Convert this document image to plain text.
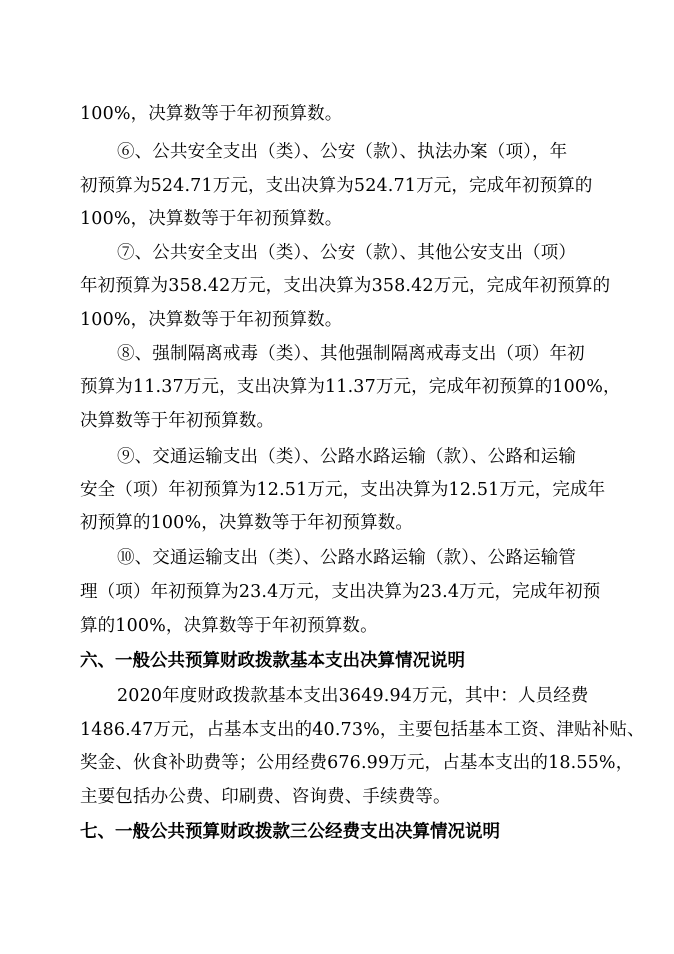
100%，决算数等于年初预算数。
⑥、公共安全支出（类）、公安（款）、执法办案（项），年
初预算为524.71万元，支出决算为524.71万元，完成年初预算的
100%，决算数等于年初预算数。
⑦、公共安全支出（类）、公安（款）、其他公安支出（项）
年初预算为358.42万元，支出决算为358.42万元，完成年初预算的
100%，决算数等于年初预算数。
⑧、强制隔离戒毒（类）、其他强制隔离戒毒支出（项）年初
预算为11.37万元，支出决算为11.37万元，完成年初预算的100%，
决算数等于年初预算数。
⑨、交通运输支出（类）、公路水路运输（款）、公路和运输
安全（项）年初预算为12.51万元，支出决算为12.51万元，完成年
初预算的100%，决算数等于年初预算数。
⑩、交通运输支出（类）、公路水路运输（款）、公路运输管
理（项）年初预算为23.4万元，支出决算为23.4万元，完成年初预
算的100%，决算数等于年初预算数。
六、一般公共预算财政拨款基本支出决算情况说明
2020年度财政拨款基本支出3649.94万元，其中：人员经费
1486.47万元，占基本支出的40.73%，主要包括基本工资、津贴补贴、
奖金、伙食补助费等；公用经费676.99万元，占基本支出的18.55%，
主要包括办公费、印刷费、咨询费、手续费等。
七、一般公共预算财政拨款三公经费支出决算情况说明
